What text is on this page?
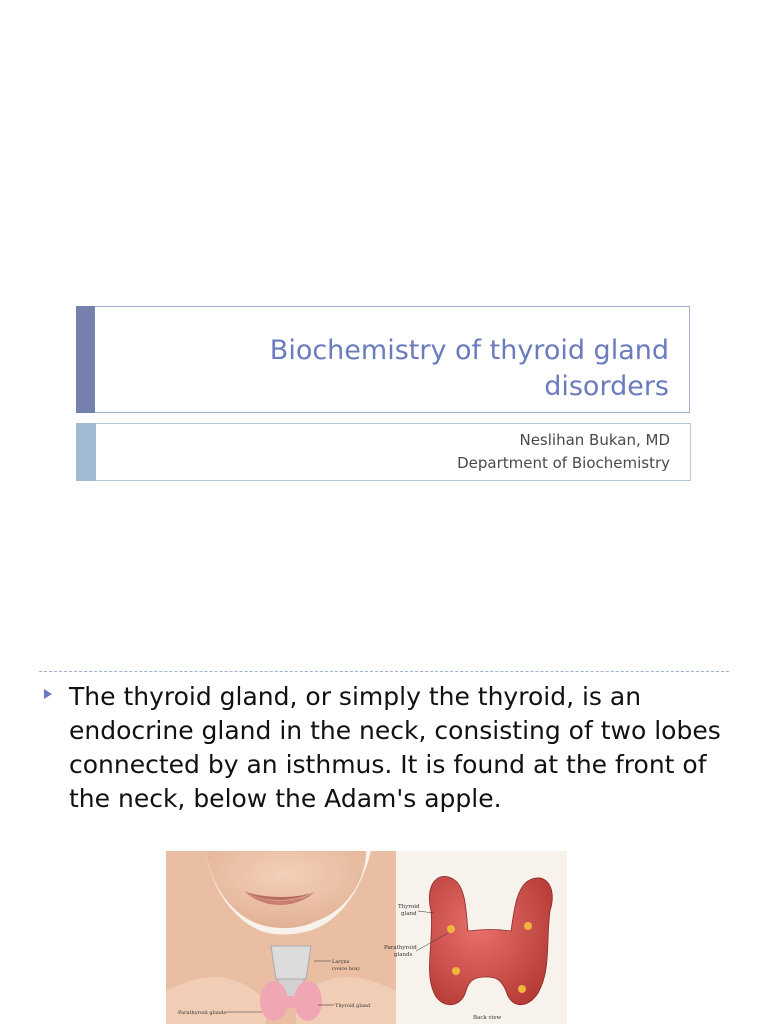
Biochemistry of thyroid gland disorders
Neslihan Bukan, MD
Department of Biochemistry
The thyroid gland, or simply the thyroid, is an endocrine gland in the neck, consisting of two lobes connected by an isthmus. It is found at the front of the neck, below the Adam's apple.
Larynx
(voice box)
Thyroid gland
Parathyroid glands
Thyroid
gland
Parathyroid
glands
Back view
